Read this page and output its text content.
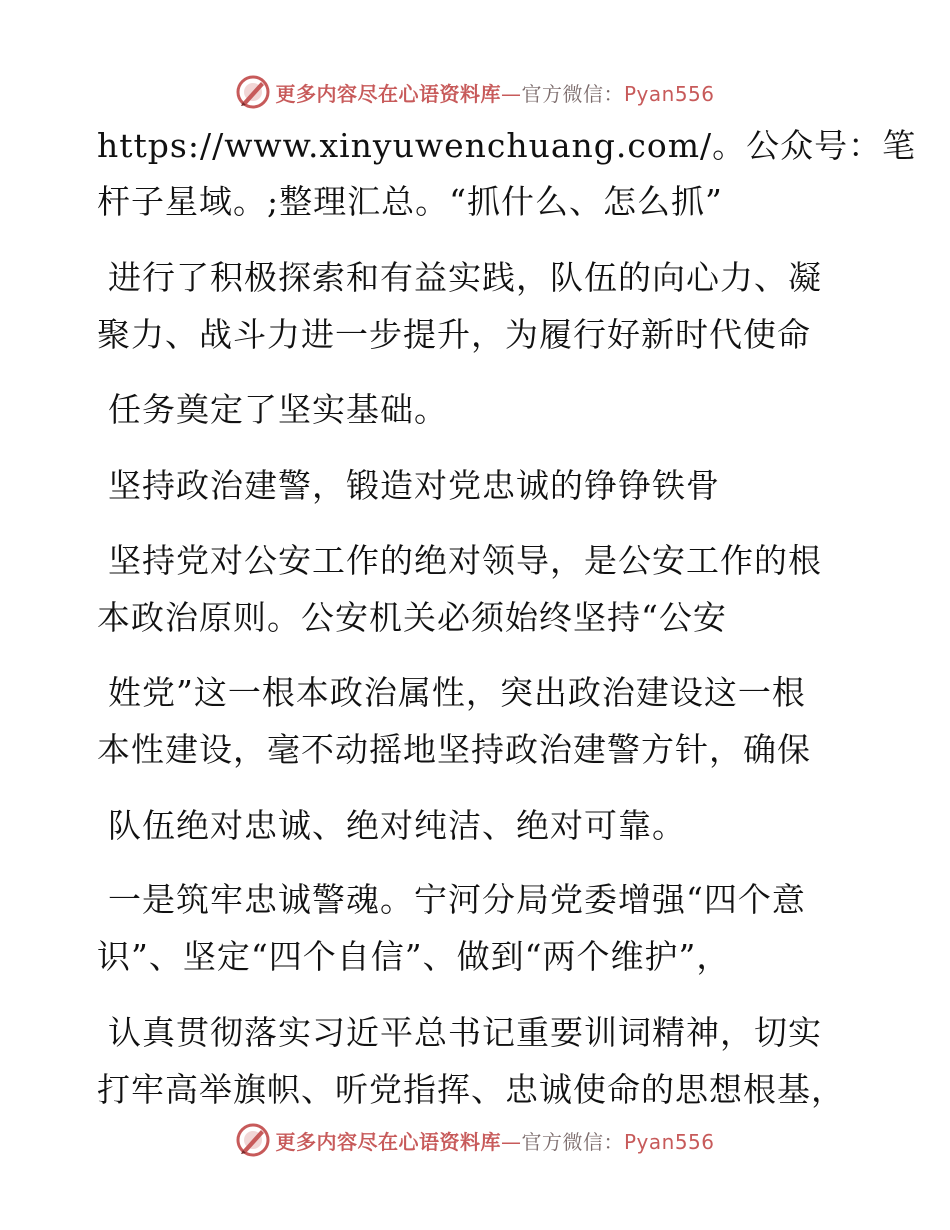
更多内容尽在心语资料库—官方微信：Pyan556
https://www.xinyuwenchuang.com/。公众号：笔
杆子星域。;整理汇总。“抓什么、怎么抓”
进行了积极探索和有益实践，队伍的向心力、凝
聚力、战斗力进一步提升，为履行好新时代使命
任务奠定了坚实基础。
坚持政治建警，锻造对党忠诚的铮铮铁骨
坚持党对公安工作的绝对领导，是公安工作的根
本政治原则。公安机关必须始终坚持“公安
姓党”这一根本政治属性，突出政治建设这一根
本性建设，毫不动摇地坚持政治建警方针，确保
队伍绝对忠诚、绝对纯洁、绝对可靠。
一是筑牢忠诚警魂。宁河分局党委增强“四个意
识”、坚定“四个自信”、做到“两个维护”，
认真贯彻落实习近平总书记重要训词精神，切实
打牢高举旗帜、听党指挥、忠诚使命的思想根基，
更多内容尽在心语资料库—官方微信：Pyan556
